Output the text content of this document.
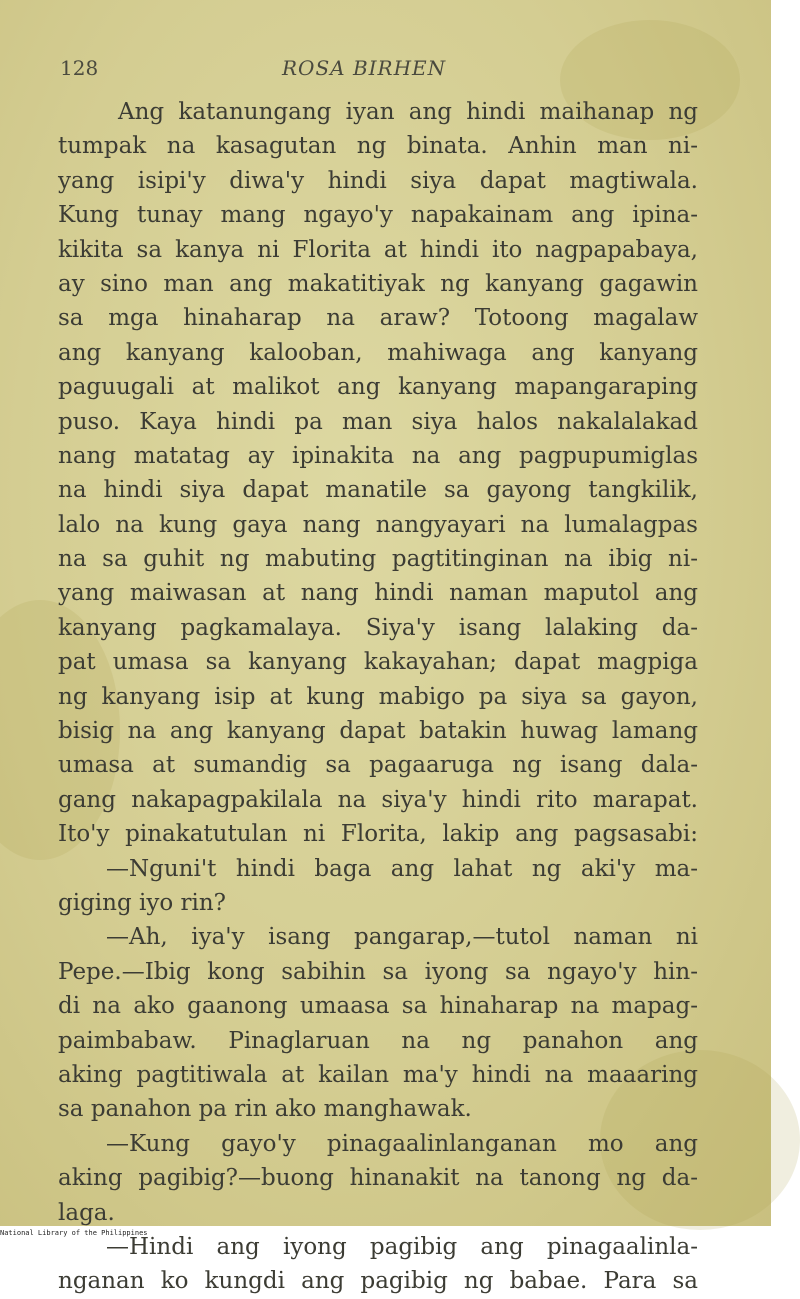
128	ROSA BIRHEN
Ang katanungang iyan ang hindi maihanap ng
tumpak na kasagutan ng binata. Anhin man ni-
yang isipi'y diwa'y hindi siya dapat magtiwala.
Kung tunay mang ngayo'y napakainam ang ipina-
kikita sa kanya ni Florita at hindi ito nagpapabaya,
ay sino man ang makatitiyak ng kanyang gagawin
sa mga hinaharap na araw? Totoong magalaw
ang kanyang kalooban, mahiwaga ang kanyang
paguugali at malikot ang kanyang mapangaraping
puso. Kaya hindi pa man siya halos nakalalakad
nang matatag ay ipinakita na ang pagpupumiglas
na hindi siya dapat manatile sa gayong tangkilik,
lalo na kung gaya nang nangyayari na lumalagpas
na sa guhit ng mabuting pagtitinginan na ibig ni-
yang maiwasan at nang hindi naman maputol ang
kanyang pagkamalaya. Siya'y isang lalaking da-
pat umasa sa kanyang kakayahan; dapat magpiga
ng kanyang isip at kung mabigo pa siya sa gayon,
bisig na ang kanyang dapat batakin huwag lamang
umasa at sumandig sa pagaaruga ng isang dala-
gang nakapagpakilala na siya'y hindi rito marapat.
Ito'y pinakatutulan ni Florita, lakip ang pagsasabi:
—Nguni't hindi baga ang lahat ng aki'y ma-
giging iyo rin?
—Ah, iya'y isang pangarap,—tutol naman ni
Pepe.—Ibig kong sabihin sa iyong sa ngayo'y hin-
di na ako gaanong umaasa sa hinaharap na mapag-
paimbabaw. Pinaglaruan na ng panahon ang
aking pagtitiwala at kailan ma'y hindi na maaaring
sa panahon pa rin ako manghawak.
—Kung gayo'y pinagaalinlanganan mo ang
aking pagibig?—buong hinanakit na tanong ng da-
laga.
—Hindi ang iyong pagibig ang pinagaalinla-
nganan ko kungdi ang pagibig ng babae. Para sa
National Library of the Philippines
